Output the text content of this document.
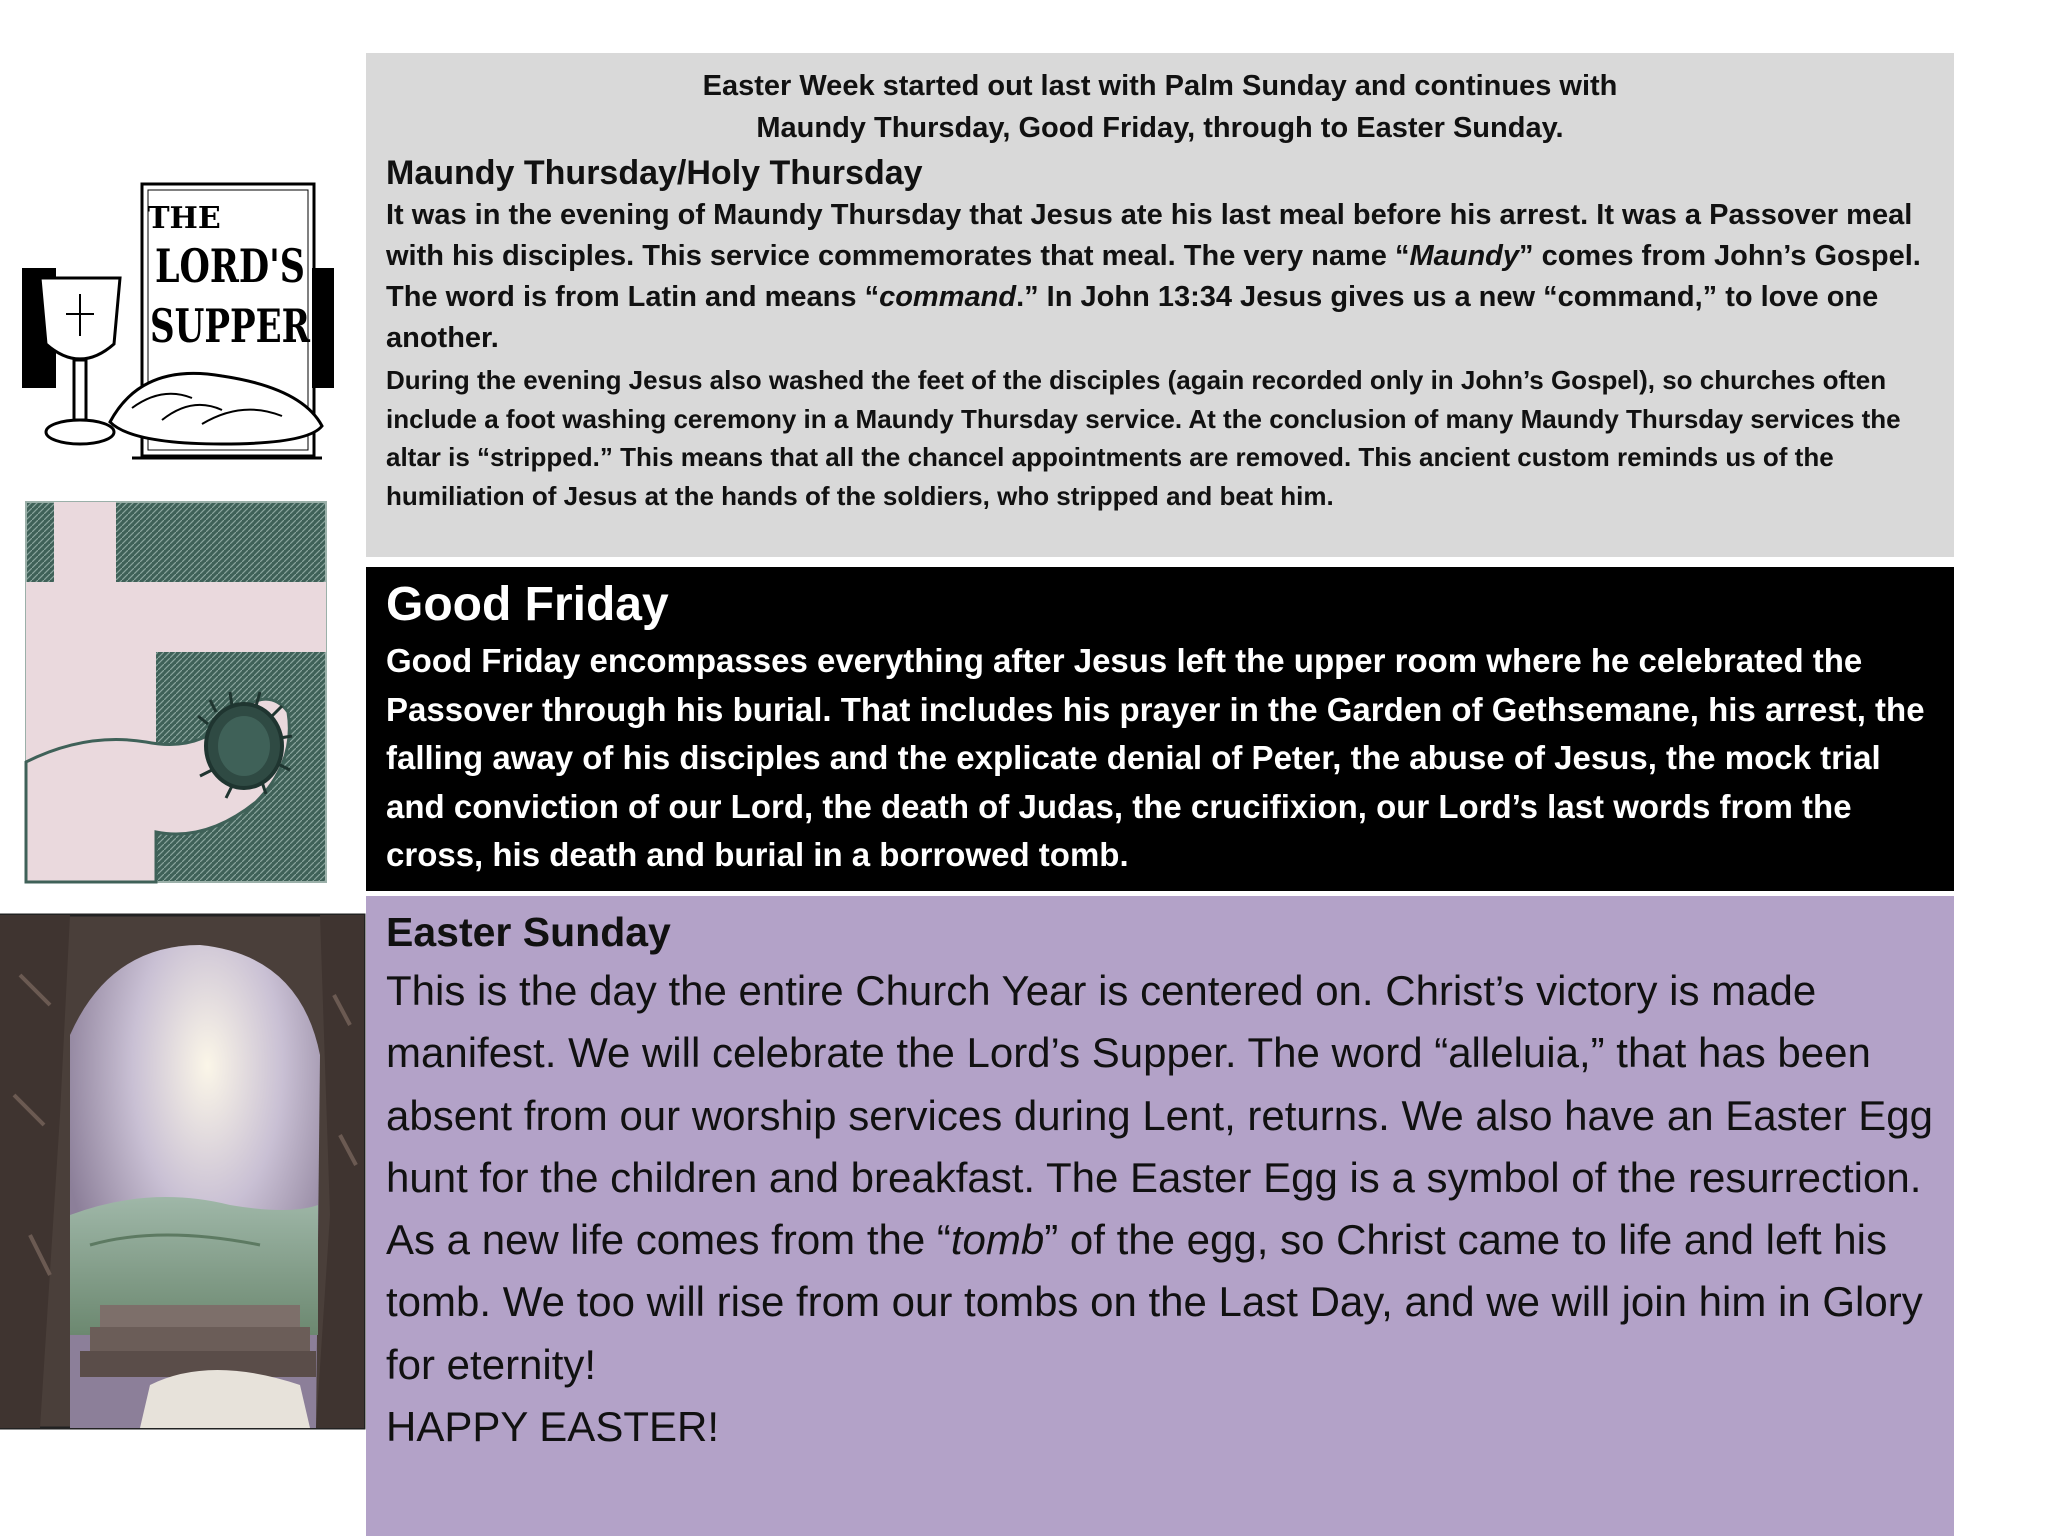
THE
LORD'S
SUPPER

Easter Week started out last with Palm Sunday and continues with
Maundy Thursday, Good Friday, through to Easter Sunday.

Maundy Thursday/Holy Thursday

It was in the evening of Maundy Thursday that Jesus ate his last meal before his arrest. It was a Passover meal with his disciples. This service commemorates that meal. The very name “Maundy” comes from John’s Gospel. The word is from Latin and means “command.” In John 13:34 Jesus gives us a new “command,” to love one another.

During the evening Jesus also washed the feet of the disciples (again recorded only in John’s Gospel), so churches often include a foot washing ceremony in a Maundy Thursday service. At the conclusion of many Maundy Thursday services the altar is “stripped.” This means that all the chancel appointments are removed. This ancient custom reminds us of the humiliation of Jesus at the hands of the soldiers, who stripped and beat him.

Good Friday

Good Friday encompasses everything after Jesus left the upper room where he celebrated the Passover through his burial. That includes his prayer in the Garden of Gethsemane, his arrest, the falling away of his disciples and the explicate denial of Peter, the abuse of Jesus, the mock trial and conviction of our Lord, the death of Judas, the crucifixion, our Lord’s last words from the cross, his death and burial in a borrowed tomb.

Easter Sunday

This is the day the entire Church Year is centered on. Christ’s victory is made manifest. We will celebrate the Lord’s Supper. The word “alleluia,” that has been absent from our worship services during Lent, returns. We also have an Easter Egg hunt for the children and breakfast. The Easter Egg is a symbol of the resurrection. As a new life comes from the “tomb” of the egg, so Christ came to life and left his tomb. We too will rise from our tombs on the Last Day, and we will join him in Glory for eternity!
HAPPY EASTER!
